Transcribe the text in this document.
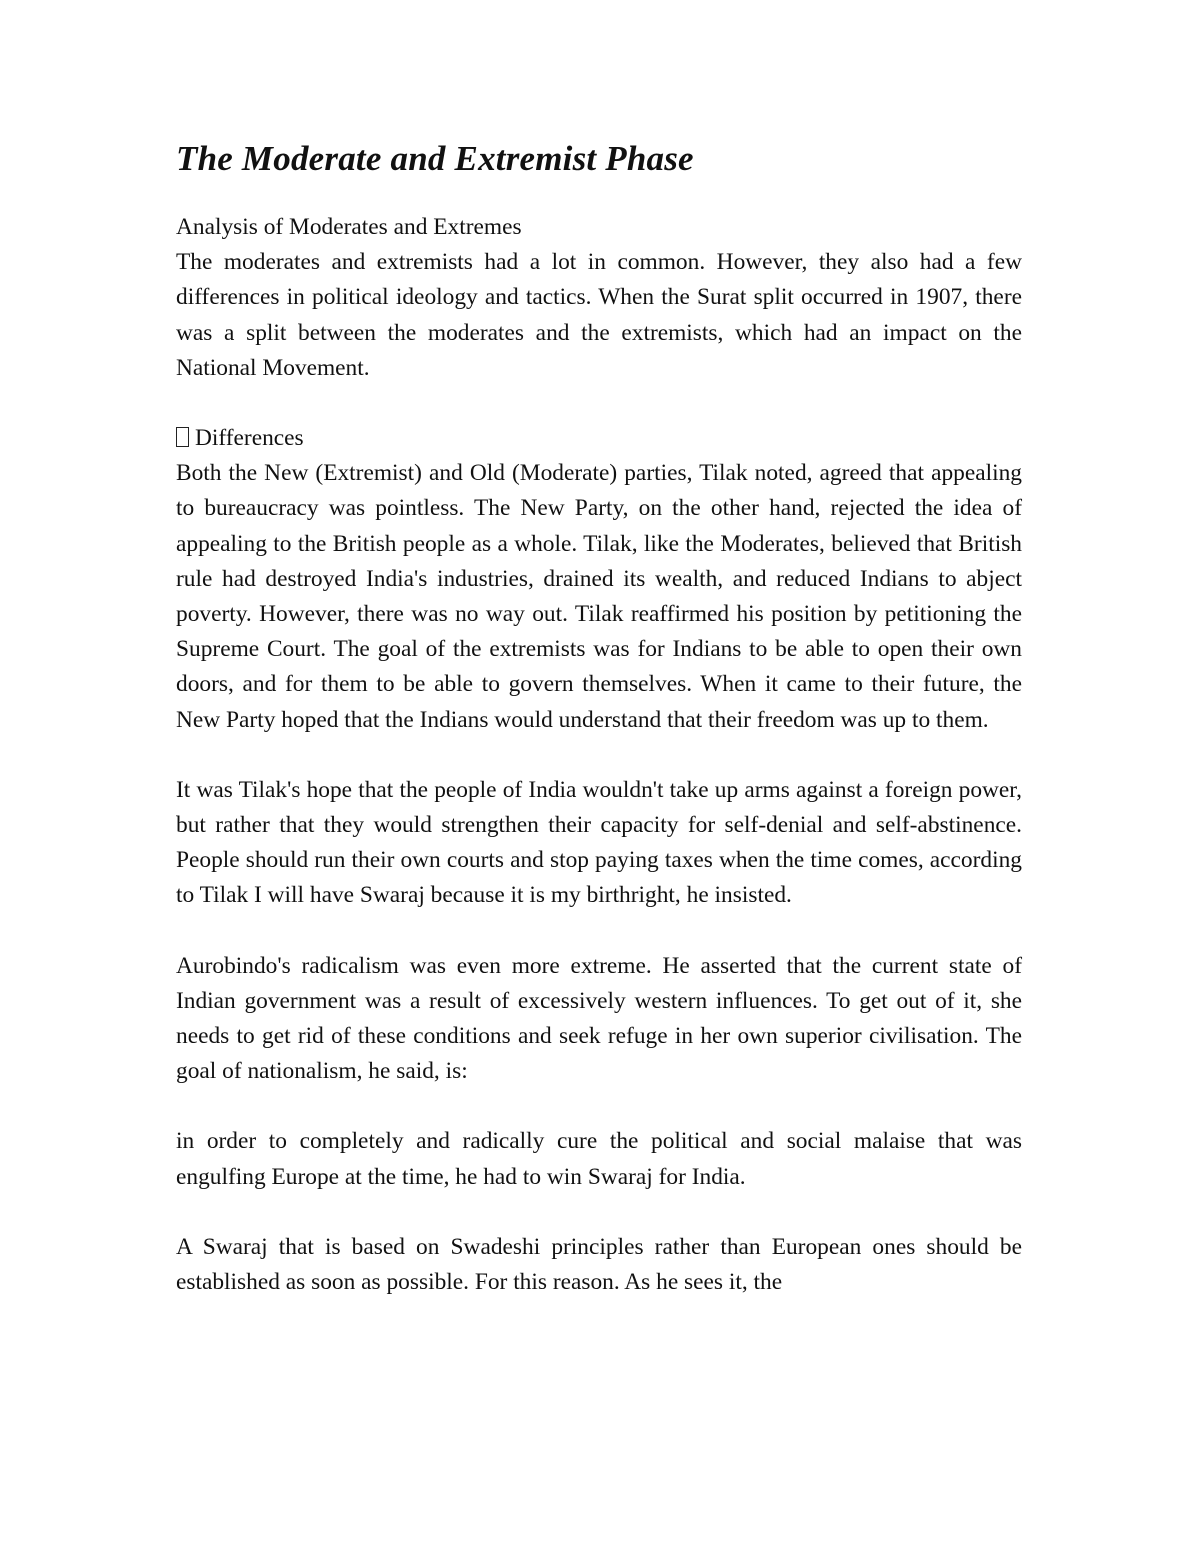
The Moderate and Extremist Phase
Analysis of Moderates and Extremes
The moderates and extremists had a lot in common. However, they also had a few differences in political ideology and tactics. When the Surat split occurred in 1907, there was a split between the moderates and the extremists, which had an impact on the National Movement.
Differences
Both the New (Extremist) and Old (Moderate) parties, Tilak noted, agreed that appealing to bureaucracy was pointless. The New Party, on the other hand, rejected the idea of appealing to the British people as a whole. Tilak, like the Moderates, believed that British rule had destroyed India's industries, drained its wealth, and reduced Indians to abject poverty. However, there was no way out. Tilak reaffirmed his position by petitioning the Supreme Court. The goal of the extremists was for Indians to be able to open their own doors, and for them to be able to govern themselves. When it came to their future, the New Party hoped that the Indians would understand that their freedom was up to them.

It was Tilak's hope that the people of India wouldn't take up arms against a foreign power, but rather that they would strengthen their capacity for self-denial and self-abstinence. People should run their own courts and stop paying taxes when the time comes, according to Tilak I will have Swaraj because it is my birthright, he insisted.

Aurobindo's radicalism was even more extreme. He asserted that the current state of Indian government was a result of excessively western influences. To get out of it, she needs to get rid of these conditions and seek refuge in her own superior civilisation. The goal of nationalism, he said, is:

in order to completely and radically cure the political and social malaise that was engulfing Europe at the time, he had to win Swaraj for India.

A Swaraj that is based on Swadeshi principles rather than European ones should be established as soon as possible. For this reason. As he sees it, the
